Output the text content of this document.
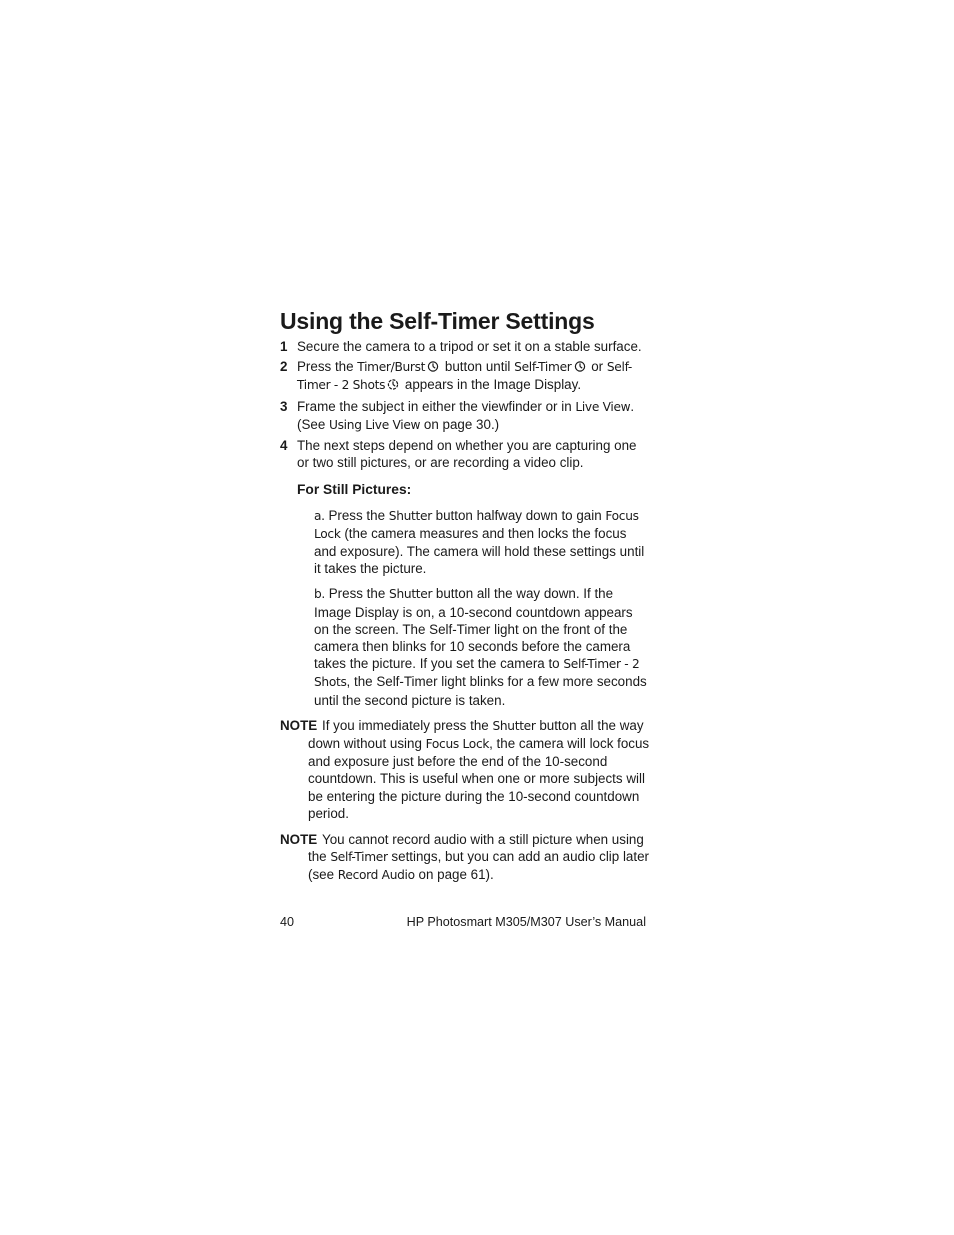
Using the Self-Timer Settings
1 Secure the camera to a tripod or set it on a stable surface.
2 Press the Timer/Burst button until Self-Timer or Self-Timer - 2 Shots appears in the Image Display.
3 Frame the subject in either the viewfinder or in Live View. (See Using Live View on page 30.)
4 The next steps depend on whether you are capturing one or two still pictures, or are recording a video clip.
For Still Pictures:
a. Press the Shutter button halfway down to gain Focus Lock (the camera measures and then locks the focus and exposure). The camera will hold these settings until it takes the picture.
b. Press the Shutter button all the way down. If the Image Display is on, a 10-second countdown appears on the screen. The Self-Timer light on the front of the camera then blinks for 10 seconds before the camera takes the picture. If you set the camera to Self-Timer - 2 Shots, the Self-Timer light blinks for a few more seconds until the second picture is taken.
NOTE If you immediately press the Shutter button all the way down without using Focus Lock, the camera will lock focus and exposure just before the end of the 10-second countdown. This is useful when one or more subjects will be entering the picture during the 10-second countdown period.
NOTE You cannot record audio with a still picture when using the Self-Timer settings, but you can add an audio clip later (see Record Audio on page 61).
40	HP Photosmart M305/M307 User’s Manual
